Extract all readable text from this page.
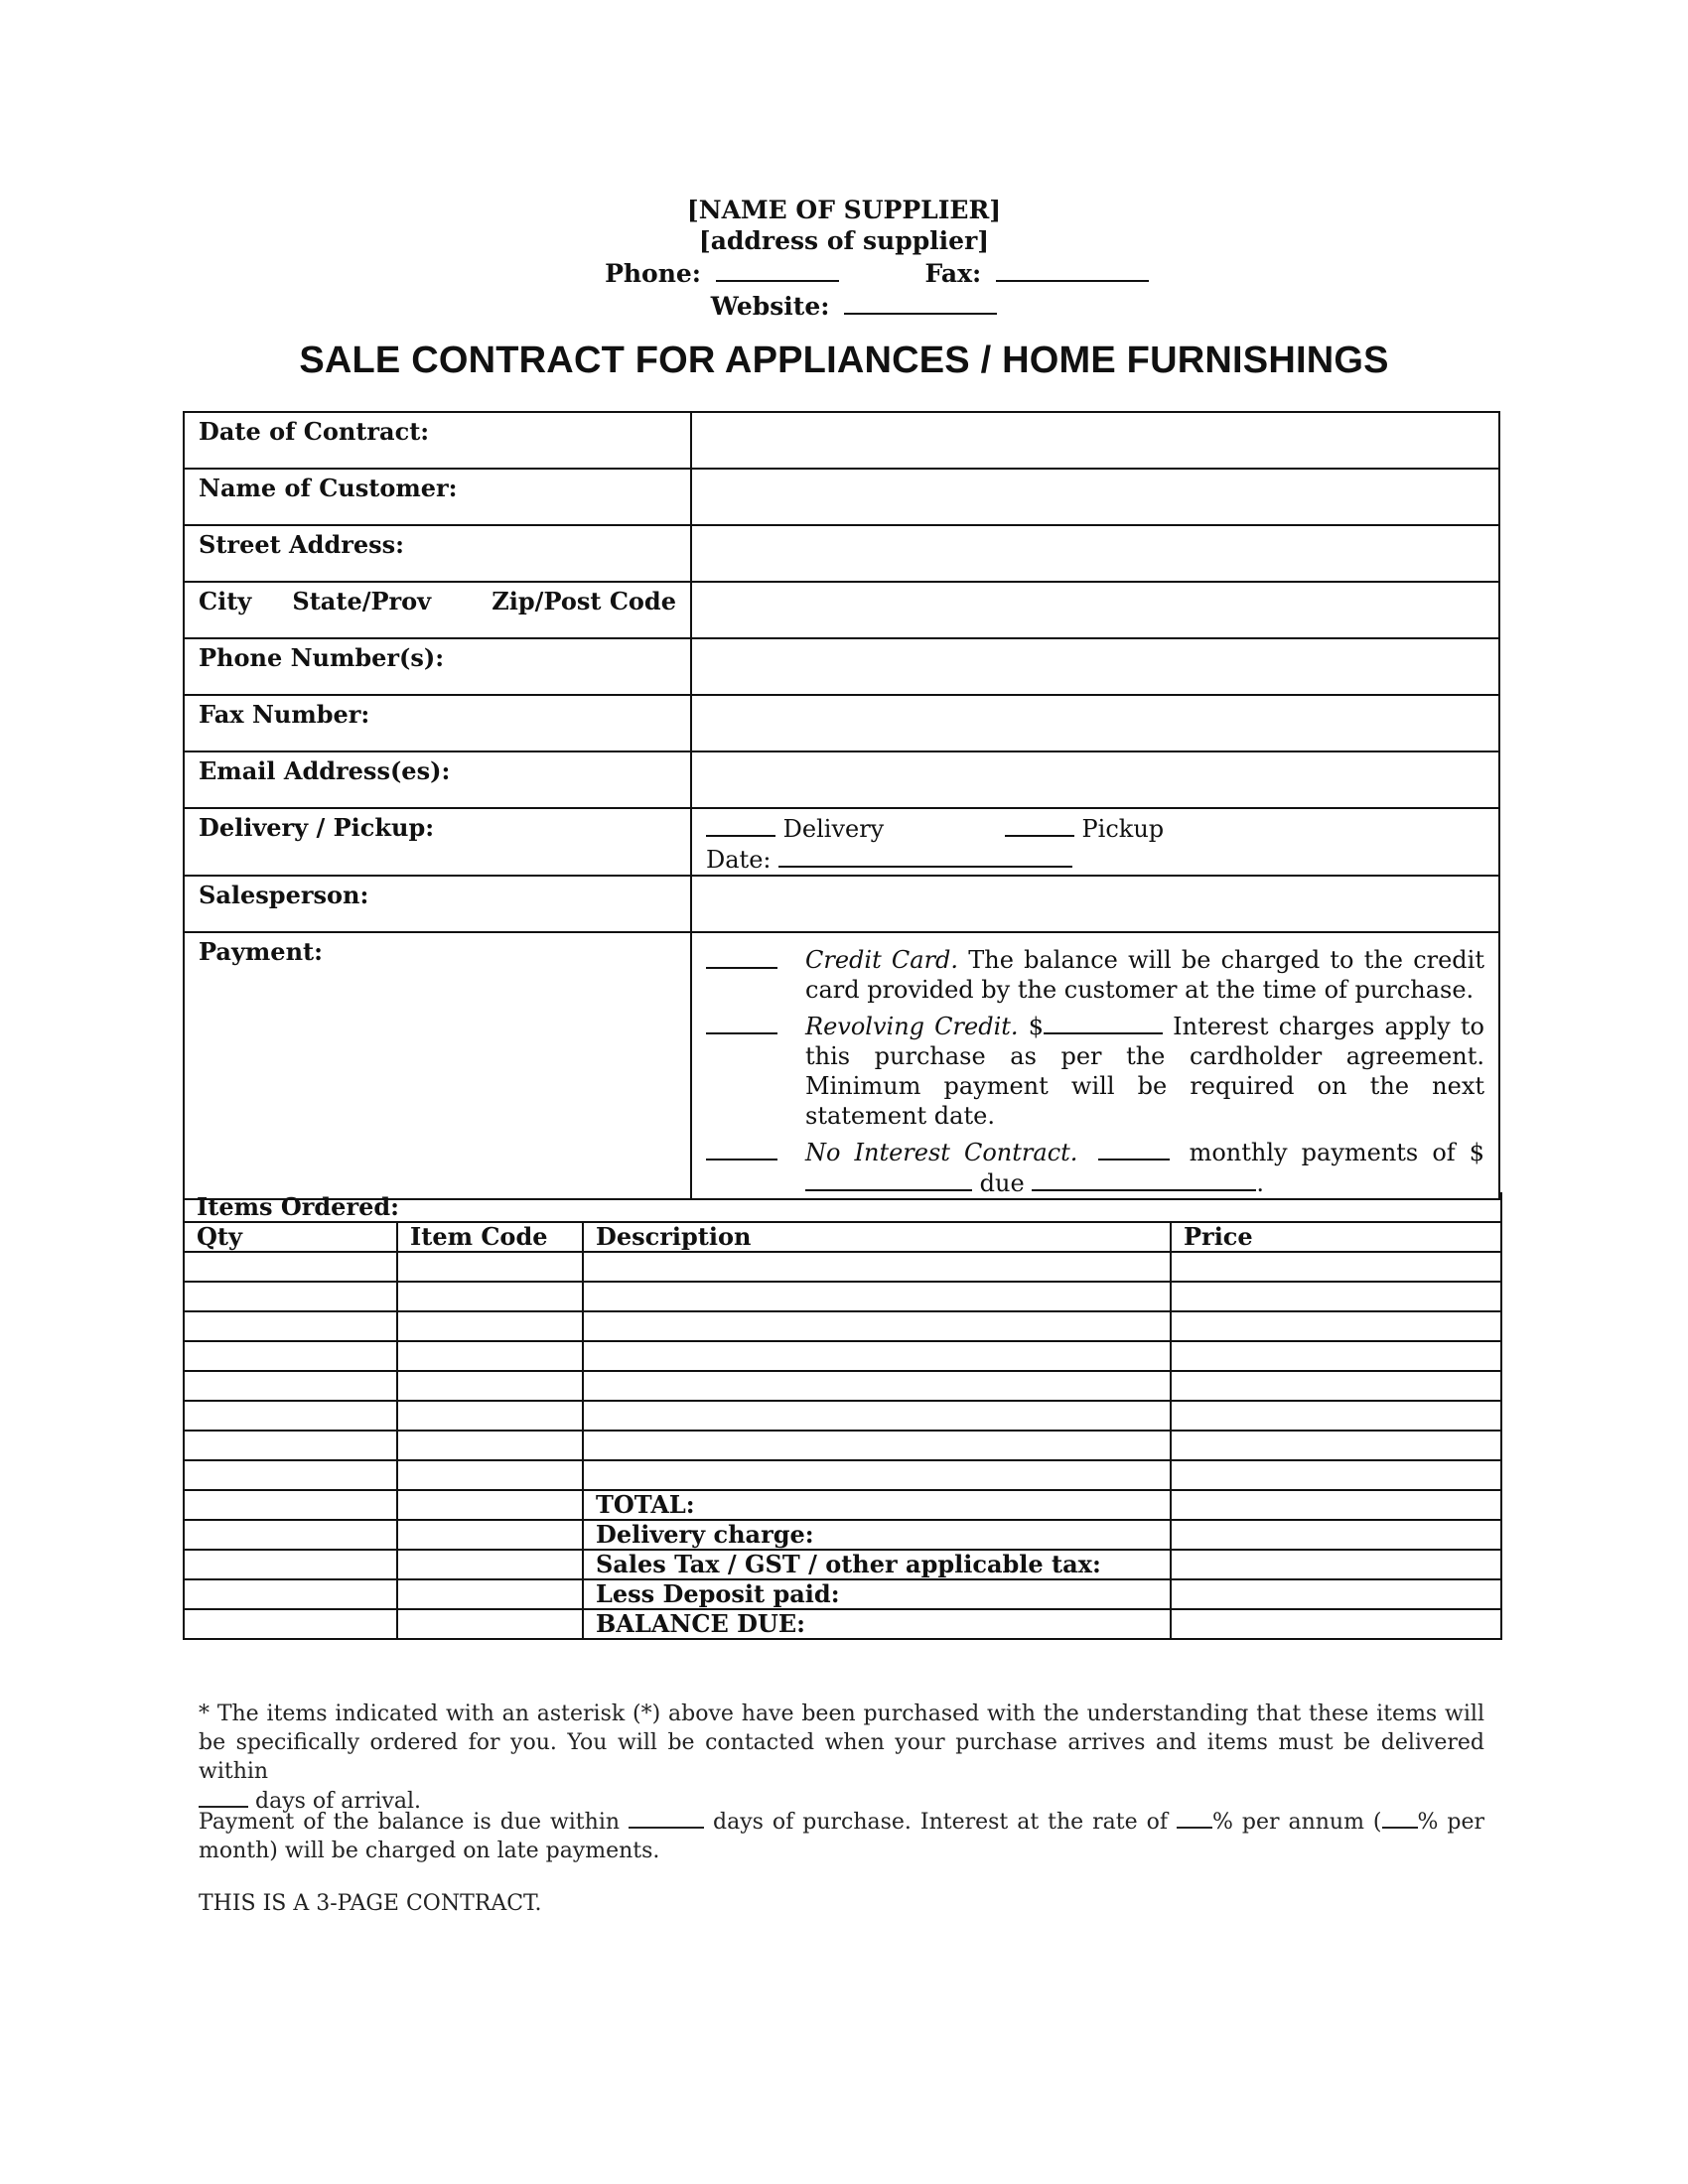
[NAME OF SUPPLIER]
[address of supplier]
Phone:	Fax:
Website:
SALE CONTRACT FOR APPLIANCES / HOME FURNISHINGS
Date of Contract:	
Name of Customer:	
Street Address:	

City State/Prov Zip/Post Code	

Phone Number(s):	
Fax Number:	
Email Address(es):	
Delivery / Pickup:	Delivery Pickup
Date:

Salesperson:	
Payment:	Credit Card. The balance will be charged to the credit card provided by the customer at the time of purchase.
Revolving Credit. $ Interest charges apply to this purchase as per the cardholder agreement. Minimum payment will be required on the next statement date.
No Interest Contract. monthly payments of $ due .
Items Ordered:			
Qty	Item Code	Description	Price

		TOTAL:	
		Delivery charge:	
		Sales Tax / GST / other applicable tax:	
		Less Deposit paid:	
		BALANCE DUE:	
* The items indicated with an asterisk (*) above have been purchased with the understanding that these items will be specifically ordered for you. You will be contacted when your purchase arrives and items must be delivered within
days of arrival.
Payment of the balance is due within	days of purchase. Interest at the rate of % per annum ( % per month) will be charged on late payments.
THIS IS A 3-PAGE CONTRACT.
